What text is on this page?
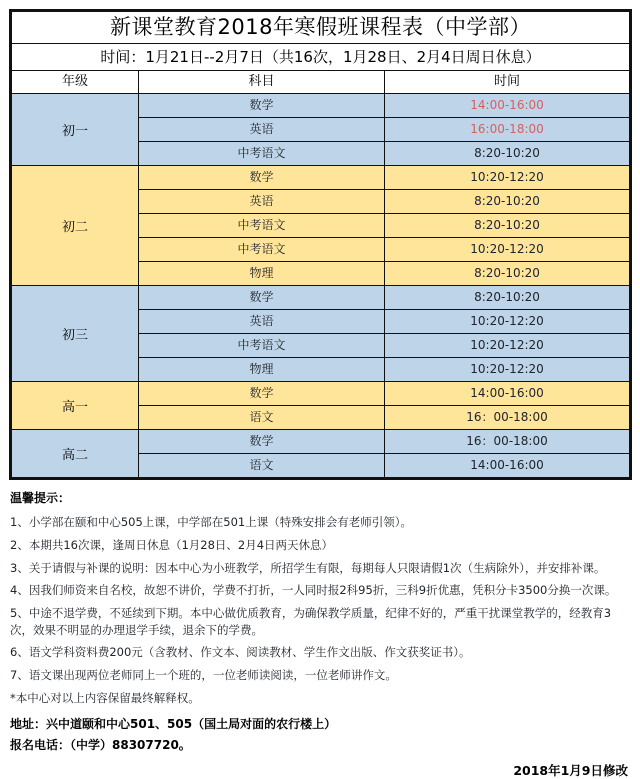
新课堂教育2018年寒假班课程表（中学部）		
时间：1月21日--2月7日（共16次，1月28日、2月4日周日休息）		
年级	科目	时间
初一	数学	14:00-16:00
	英语	16:00-18:00
	中考语文	8:20-10:20
初二	数学	10:20-12:20
	英语	8:20-10:20
	中考语文	8:20-10:20
	中考语文	10:20-12:20
	物理	8:20-10:20
初三	数学	8:20-10:20
	英语	10:20-12:20
	中考语文	10:20-12:20
	物理	10:20-12:20
高一	数学	14:00-16:00
	语文	16：00-18:00
高二	数学	16：00-18:00
	语文	14:00-16:00
温馨提示：
1、小学部在颐和中心505上课，中学部在501上课（特殊安排会有老师引领）。
2、本期共16次课，逢周日休息（1月28日、2月4日两天休息）
3、关于请假与补课的说明：因本中心为小班教学，所招学生有限，每期每人只限请假1次（生病除外），并安排补课。
4、因我们师资来自名校，故恕不讲价，学费不打折，一人同时报2科95折，三科9折优惠，凭积分卡3500分换一次课。
5、中途不退学费，不延续到下期。本中心做优质教育，为确保教学质量，纪律不好的，严重干扰课堂教学的，经教育3次，效果不明显的办理退学手续，退余下的学费。
6、语文学科资料费200元（含教材、作文本、阅读教材、学生作文出版、作文获奖证书）。
7、语文课出现两位老师同上一个班的，一位老师读阅读，一位老师讲作文。
*本中心对以上内容保留最终解释权。
地址：兴中道颐和中心501、505（国土局对面的农行楼上）
报名电话：（中学）88307720。
2018年1月9日修改
